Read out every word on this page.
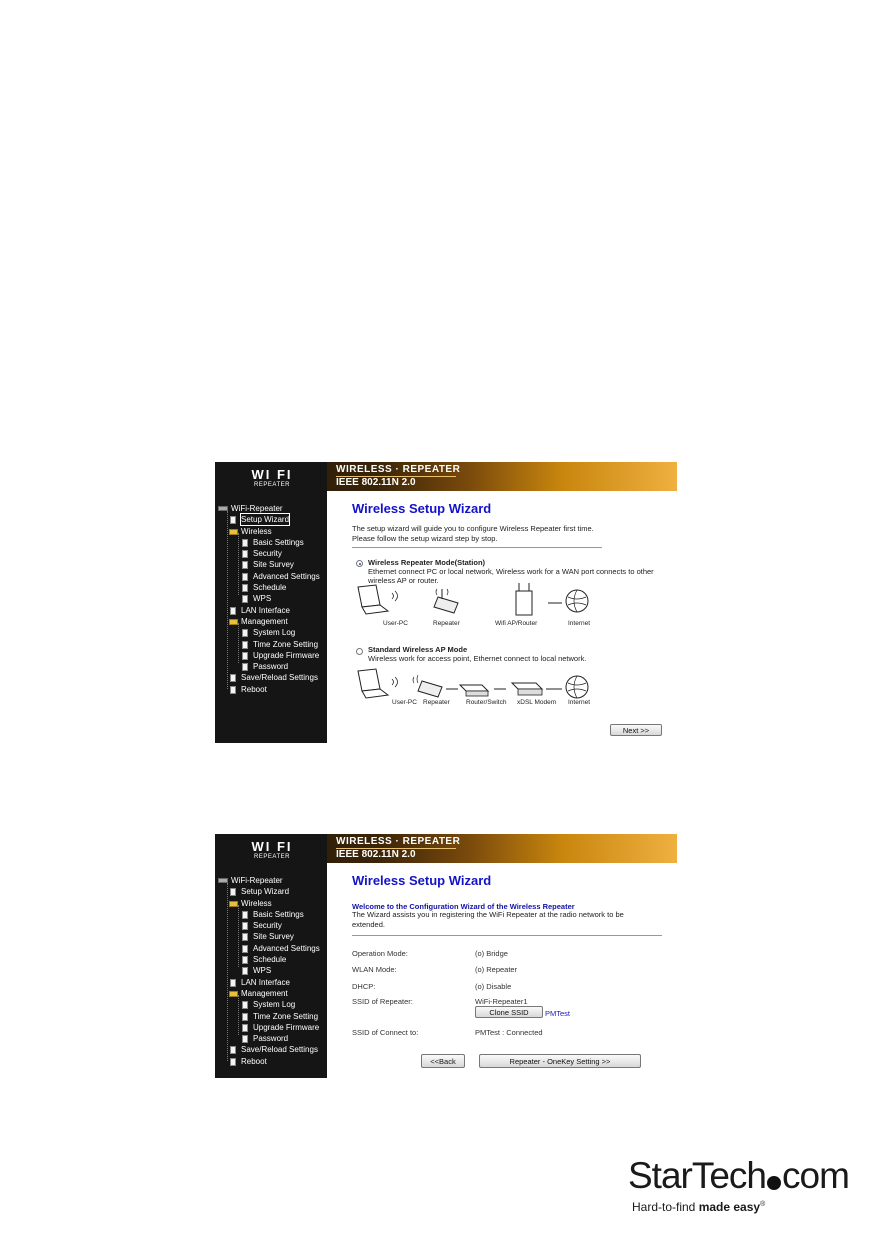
WIRELESS · REPEATER
IEEE 802.11N 2.0
WI FI
REPEATER
WiFi-Repeater
Setup Wizard
Wireless
Basic Settings
Security
Site Survey
Advanced Settings
Schedule
WPS
LAN Interface
Management
System Log
Time Zone Setting
Upgrade Firmware
Password
Save/Reload Settings
Reboot
Wireless Setup Wizard
The setup wizard will guide you to configure Wireless Repeater first time.
Please follow the setup wizard step by stop.
Wireless Repeater Mode(Station)
Ethernet connect PC or local network, Wireless work for a WAN port connects to other wireless AP or router.
User-PC	Repeater	Wifi AP/Router	Internet
Standard Wireless AP Mode
Wireless work for access point, Ethernet connect to local network.
User-PC Repeater	Router/Switch xDSL Modem Internet
Next >>
WIRELESS · REPEATER
IEEE 802.11N 2.0
WI FI
REPEATER
WiFi-Repeater
Setup Wizard
Wireless
Basic Settings
Security
Site Survey
Advanced Settings
Schedule
WPS
LAN Interface
Management
System Log
Time Zone Setting
Upgrade Firmware
Password
Save/Reload Settings
Reboot
Wireless Setup Wizard
Welcome to the Configuration Wizard of the Wireless Repeater
The Wizard assists you in registering the WiFi Repeater at the radio network to be extended.
Operation Mode:	(o) Bridge
WLAN Mode:	(o) Repeater
DHCP:	(o) Disable
SSID of Repeater:	WiFi-Repeater1
Clone SSID	PMTest
SSID of Connect to:	PMTest : Connected
<<Back	Repeater - OneKey Setting >>
StarTech com
Hard-to-find made easy®
